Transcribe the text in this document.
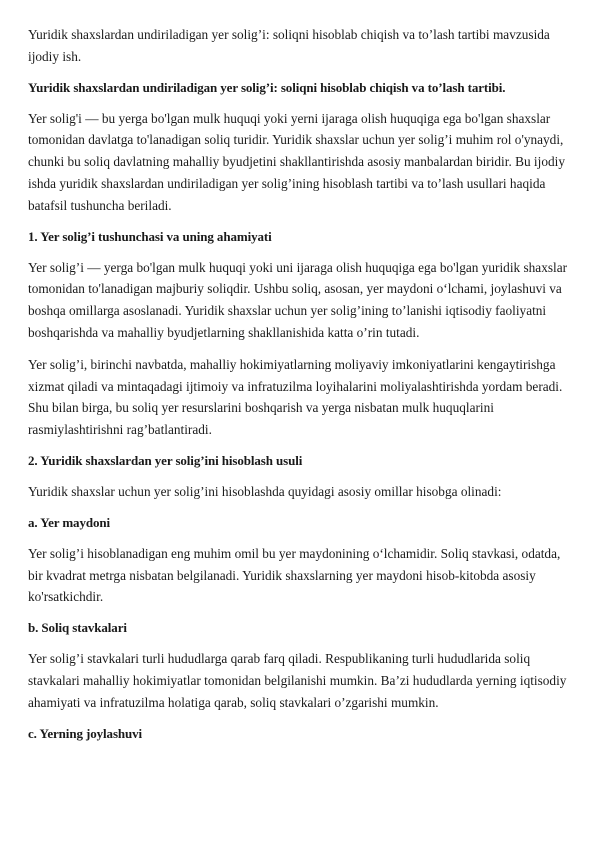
Yuridik shaxslardan undiriladigan yer solig’i: soliqni hisoblab chiqish va to’lash tartibi mavzusida ijodiy ish.

Yuridik shaxslardan undiriladigan yer solig’i: soliqni hisoblab chiqish va to’lash tartibi.

Yer solig'i — bu yerga bo'lgan mulk huquqi yoki yerni ijaraga olish huquqiga ega bo'lgan shaxslar tomonidan davlatga to'lanadigan soliq turidir. Yuridik shaxslar uchun yer solig’i muhim rol o'ynaydi, chunki bu soliq davlatning mahalliy byudjetini shakllantirishda asosiy manbalardan biridir. Bu ijodiy ishda yuridik shaxslardan undiriladigan yer solig’ining hisoblash tartibi va to’lash usullari haqida batafsil tushuncha beriladi.

1. Yer solig’i tushunchasi va uning ahamiyati

Yer solig’i — yerga bo'lgan mulk huquqi yoki uni ijaraga olish huquqiga ega bo'lgan yuridik shaxslar tomonidan to'lanadigan majburiy soliqdir. Ushbu soliq, asosan, yer maydoni o‘lchami, joylashuvi va boshqa omillarga asoslanadi. Yuridik shaxslar uchun yer solig’ining to’lanishi iqtisodiy faoliyatni boshqarishda va mahalliy byudjetlarning shakllanishida katta o’rin tutadi.

Yer solig’i, birinchi navbatda, mahalliy hokimiyatlarning moliyaviy imkoniyatlarini kengaytirishga xizmat qiladi va mintaqadagi ijtimoiy va infratuzilma loyihalarini moliyalashtirishda yordam beradi. Shu bilan birga, bu soliq yer resurslarini boshqarish va yerga nisbatan mulk huquqlarini rasmiylashtirishni rag’batlantiradi.

2. Yuridik shaxslardan yer solig’ini hisoblash usuli

Yuridik shaxslar uchun yer solig’ini hisoblashda quyidagi asosiy omillar hisobga olinadi:

a. Yer maydoni

Yer solig’i hisoblanadigan eng muhim omil bu yer maydonining o‘lchamidir. Soliq stavkasi, odatda, bir kvadrat metrga nisbatan belgilanadi. Yuridik shaxslarning yer maydoni hisob-kitobda asosiy ko'rsatkichdir.

b. Soliq stavkalari

Yer solig’i stavkalari turli hududlarga qarab farq qiladi. Respublikaning turli hududlarida soliq stavkalari mahalliy hokimiyatlar tomonidan belgilanishi mumkin. Ba’zi hududlarda yerning iqtisodiy ahamiyati va infratuzilma holatiga qarab, soliq stavkalari o’zgarishi mumkin.

c. Yerning joylashuvi
